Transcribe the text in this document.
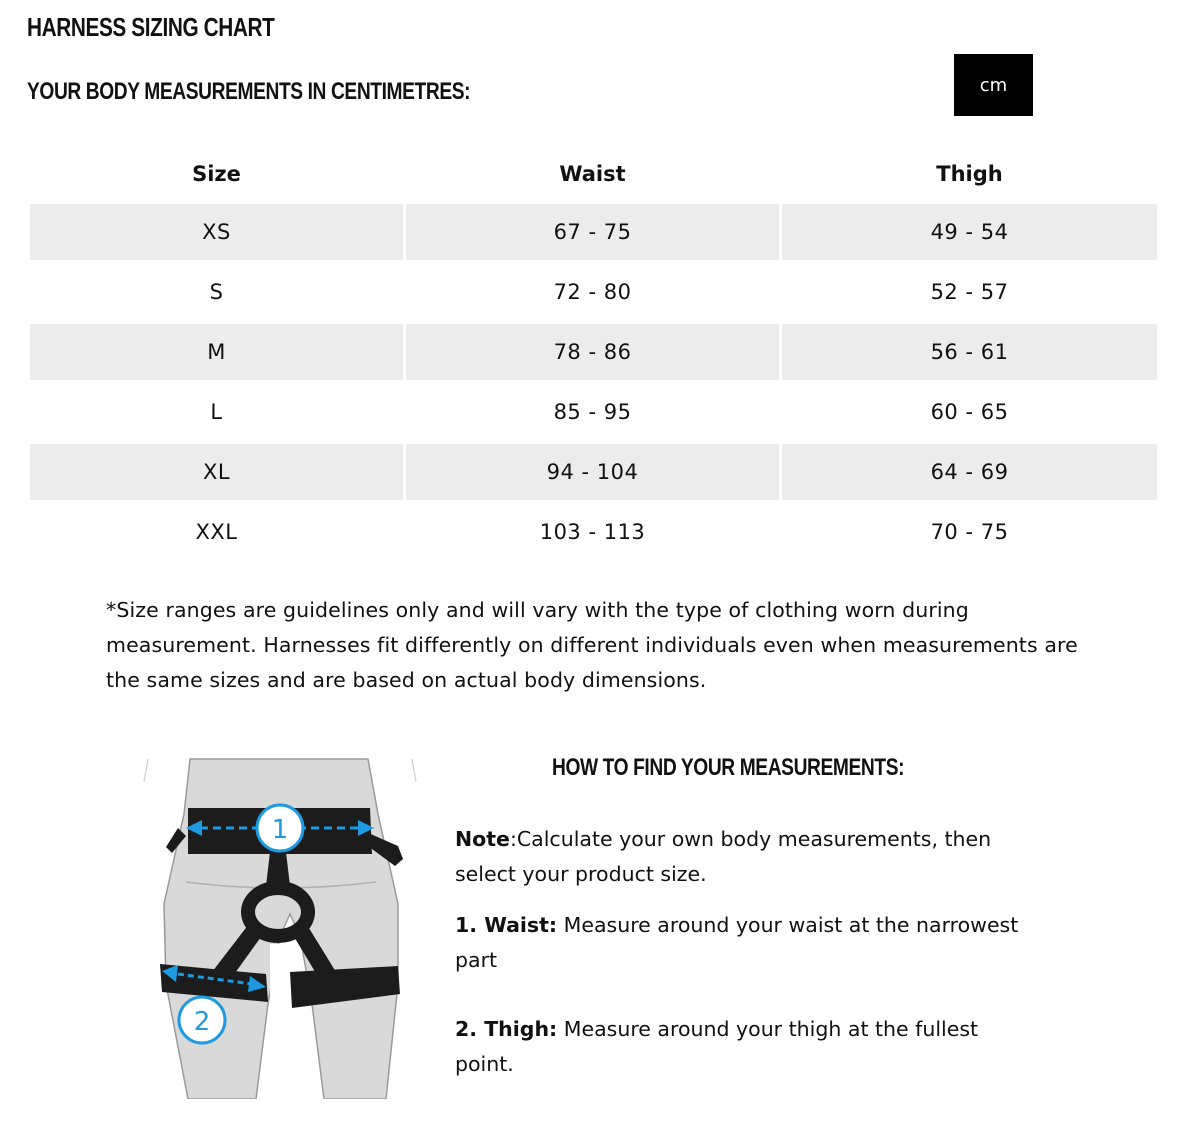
HARNESS SIZING CHART
YOUR BODY MEASUREMENTS IN CENTIMETRES:	cm
Size	Waist	Thigh
XS	67 - 75	49 - 54
S	72 - 80	52 - 57
M	78 - 86	56 - 61
L	85 - 95	60 - 65
XL	94 - 104	64 - 69
XXL	103 - 113	70 - 75

*Size ranges are guidelines only and will vary with the type of clothing worn during measurement. Harnesses fit differently on different individuals even when measurements are the same sizes and are based on actual body dimensions.

1
2
HOW TO FIND YOUR MEASUREMENTS:

Note:Calculate your own body measurements, then select your product size.

1. Waist: Measure around your waist at the narrowest part

2. Thigh: Measure around your thigh at the fullest point.
